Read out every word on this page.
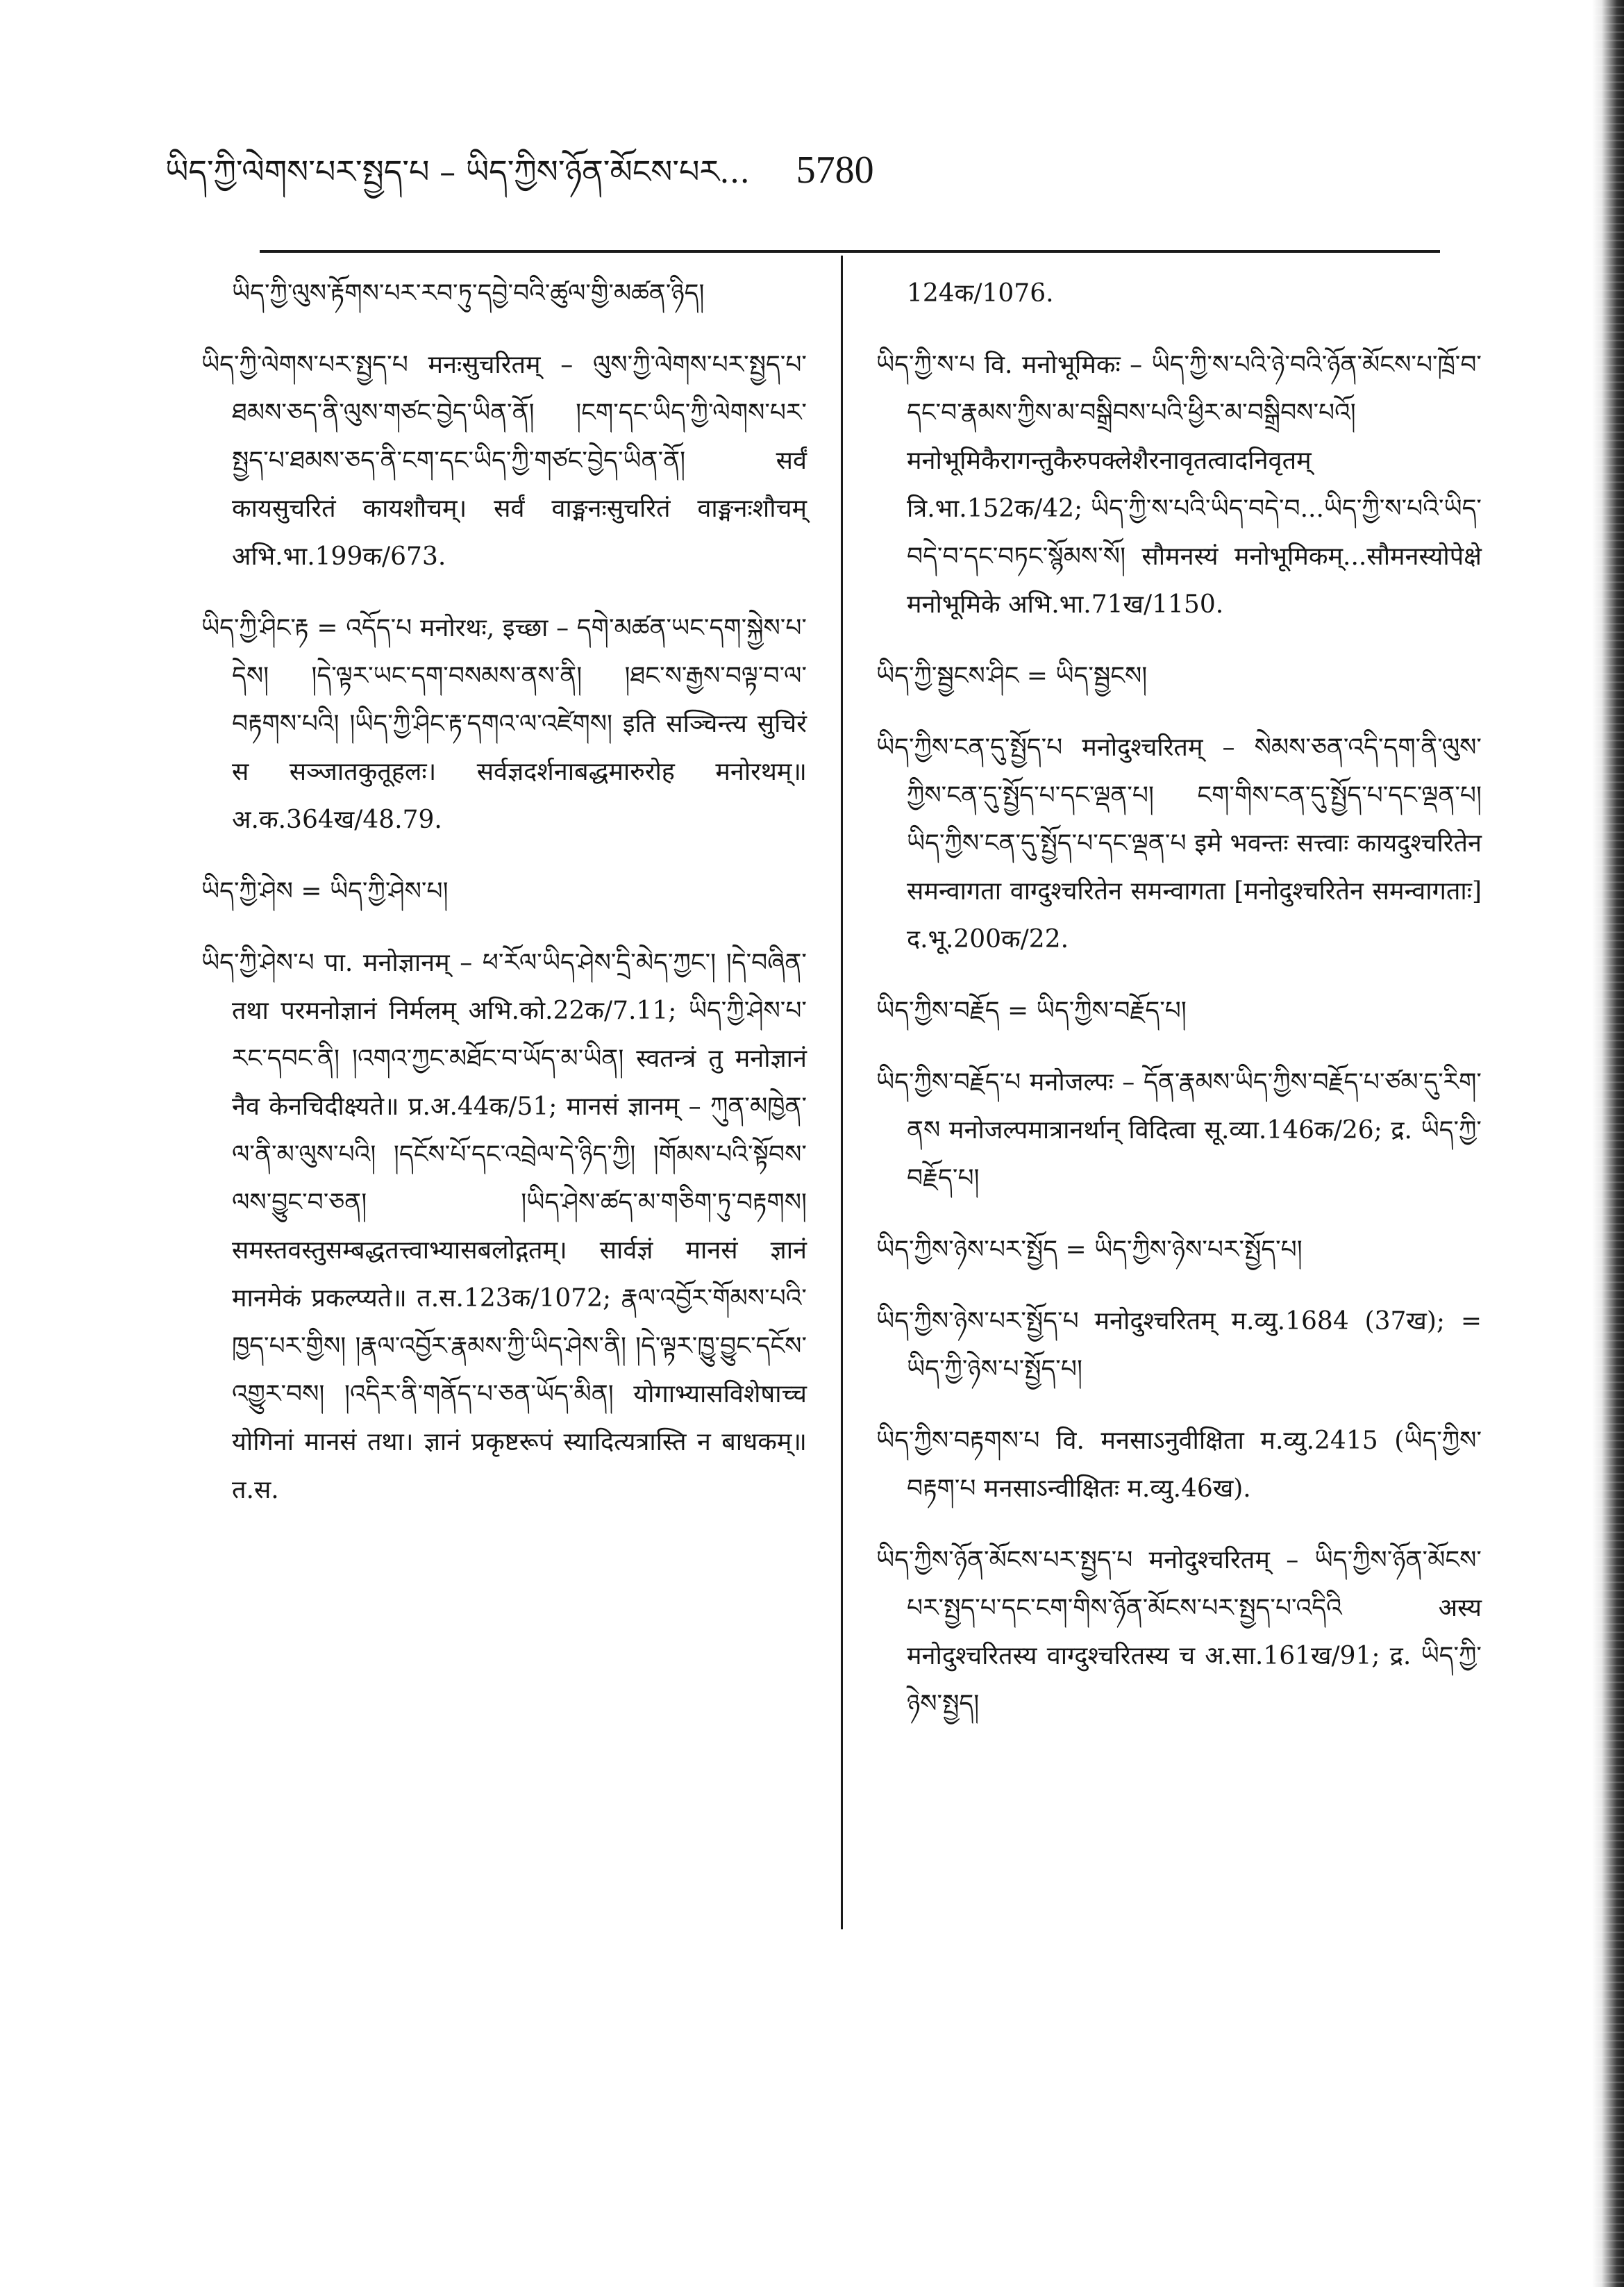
ཡིད་ཀྱི་ལེགས་པར་སྤྱད་པ – ཡིད་ཀྱིས་ཉོན་མོངས་པར... 5780

ཡིད་ཀྱི་ལུས་རྟོགས་པར་རབ་ཏུ་དབྱེ་བའི་ཚུལ་གྱི་མཚན་ཉིད།

ཡིད་ཀྱི་ལེགས་པར་སྤྱད་པ मनःसुचरितम् – ལུས་ཀྱི་ལེགས་པར་སྤྱད་པ་ཐམས་ཅད་ནི་ལུས་གཙང་བྱེད་ཡིན་ནོ། །ངག་དང་ཡིད་ཀྱི་ལེགས་པར་སྤྱད་པ་ཐམས་ཅད་ནི་ངག་དང་ཡིད་ཀྱི་གཙང་བྱེད་ཡིན་ནོ། सर्वं कायसुचरितं कायशौचम्। सर्वं वाङ्मनःसुचरितं वाङ्मनःशौचम् अभि.भा.199क/673.

ཡིད་ཀྱི་ཤིང་རྟ = འདོད་པ मनोरथः, इच्छा – དགེ་མཚན་ཡང་དག་སྐྱེས་པ་དེས། །དེ་ལྟར་ཡང་དག་བསམས་ནས་ནི། །ཐང་ས་རྒྱས་བལྟ་བ་ལ་བརྟགས་པའི། །ཡིད་ཀྱི་ཤིང་རྟ་དགའ་ལ་འཛེགས། इति सञ्चिन्त्य सुचिरं स सञ्जातकुतूहलः। सर्वज्ञदर्शनाबद्धमारुरोह मनोरथम्॥ अ.क.364ख/48.79.

ཡིད་ཀྱི་ཤེས = ཡིད་ཀྱི་ཤེས་པ།

ཡིད་ཀྱི་ཤེས་པ पा. मनोज्ञानम् – ཕ་རོལ་ཡིད་ཤེས་དྲི་མེད་ཀྱང་། །དེ་བཞིན་ तथा परमनोज्ञानं निर्मलम् अभि.को.22क/7.11; ཡིད་ཀྱི་ཤེས་པ་རང་དབང་ནི། །འགའ་ཀྱང་མཐོང་བ་ཡོད་མ་ཡིན། स्वतन्त्रं तु मनोज्ञानं नैव केनचिदीक्ष्यते॥ प्र.अ.44क/51; मानसं ज्ञानम् – ཀུན་མཁྱེན་ལ་ནི་མ་ལུས་པའི། །དངོས་པོ་དང་འབྲེལ་དེ་ཉིད་ཀྱི། །གོམས་པའི་སྟོབས་ལས་བྱུང་བ་ཅན། །ཡིད་ཤེས་ཚད་མ་གཅིག་ཏུ་བརྟགས། समस्तवस्तुसम्बद्धतत्त्वाभ्यासबलोद्गतम्। सार्वज्ञं मानसं ज्ञानं मानमेकं प्रकल्प्यते॥ त.स.123क/1072; རྣལ་འབྱོར་གོམས་པའི་ཁྱད་པར་གྱིས། །རྣལ་འབྱོར་རྣམས་ཀྱི་ཡིད་ཤེས་ནི། །དེ་ལྟར་ཁྱུ་བྱུང་དངོས་འགྱུར་བས། །འདིར་ནི་གནོད་པ་ཅན་ཡོད་མིན། योगाभ्यासविशेषाच्च योगिनां मानसं तथा। ज्ञानं प्रकृष्टरूपं स्यादित्यत्रास्ति न बाधकम्॥ त.स.

124क/1076.

ཡིད་ཀྱི་ས་པ वि. मनोभूमिकः – ཡིད་ཀྱི་ས་པའི་ཉེ་བའི་ཉོན་མོངས་པ་ཁྲོ་བ་དང་བ་རྣམས་ཀྱིས་མ་བསྒྲིབས་པའི་ཕྱིར་མ་བསྒྲིབས་པའོ། मनोभूमिकैरागन्तुकैरुपक्लेशैरनावृतत्वादनिवृतम् त्रि.भा.152क/42; ཡིད་ཀྱི་ས་པའི་ཡིད་བདེ་བ...ཡིད་ཀྱི་ས་པའི་ཡིད་བདེ་བ་དང་བཏང་སྙོམས་སོ། सौमनस्यं मनोभूमिकम्...सौमनस्योपेक्षे मनोभूमिके अभि.भा.71ख/1150.

ཡིད་ཀྱི་སྦྱངས་ཤིང = ཡིད་སྦྱངས།

ཡིད་ཀྱིས་ངན་དུ་སྤྱོད་པ मनोदुश्चरितम् – སེམས་ཅན་འདི་དག་ནི་ལུས་ཀྱིས་ངན་དུ་སྤྱོད་པ་དང་ལྡན་པ། ངག་གིས་ངན་དུ་སྤྱོད་པ་དང་ལྡན་པ། ཡིད་ཀྱིས་ངན་དུ་སྤྱོད་པ་དང་ལྡན་པ इमे भवन्तः सत्त्वाः कायदुश्चरितेन समन्वागता वाग्दुश्चरितेन समन्वागता [मनोदुश्चरितेन समन्वागताः] द.भू.200क/22.

ཡིད་ཀྱིས་བརྗོད = ཡིད་ཀྱིས་བརྗོད་པ།

ཡིད་ཀྱིས་བརྗོད་པ मनोजल्पः – དོན་རྣམས་ཡིད་ཀྱིས་བརྗོད་པ་ཙམ་དུ་རིག་ནས मनोजल्पमात्रानर्थान् विदित्वा सू.व्या.146क/26; द्र. ཡིད་ཀྱི་བརྗོད་པ།

ཡིད་ཀྱིས་ཉེས་པར་སྤྱོད = ཡིད་ཀྱིས་ཉེས་པར་སྤྱོད་པ།

ཡིད་ཀྱིས་ཉེས་པར་སྤྱོད་པ मनोदुश्चरितम् म.व्यु.1684 (37ख); = ཡིད་ཀྱི་ཉེས་པ་སྤྱོད་པ།

ཡིད་ཀྱིས་བརྟགས་པ वि. मनसाऽनुवीक्षिता म.व्यु.2415 (ཡིད་ཀྱིས་བརྟག་པ मनसाऽन्वीक्षितः म.व्यु.46ख).

ཡིད་ཀྱིས་ཉོན་མོངས་པར་སྤྱད་པ मनोदुश्चरितम् – ཡིད་ཀྱིས་ཉོན་མོངས་པར་སྤྱད་པ་དང་ངག་གིས་ཉོན་མོངས་པར་སྤྱད་པ་འདིའི अस्य मनोदुश्चरितस्य वाग्दुश्चरितस्य च अ.सा.161ख/91; द्र. ཡིད་ཀྱི་ཉེས་སྤྱད།
